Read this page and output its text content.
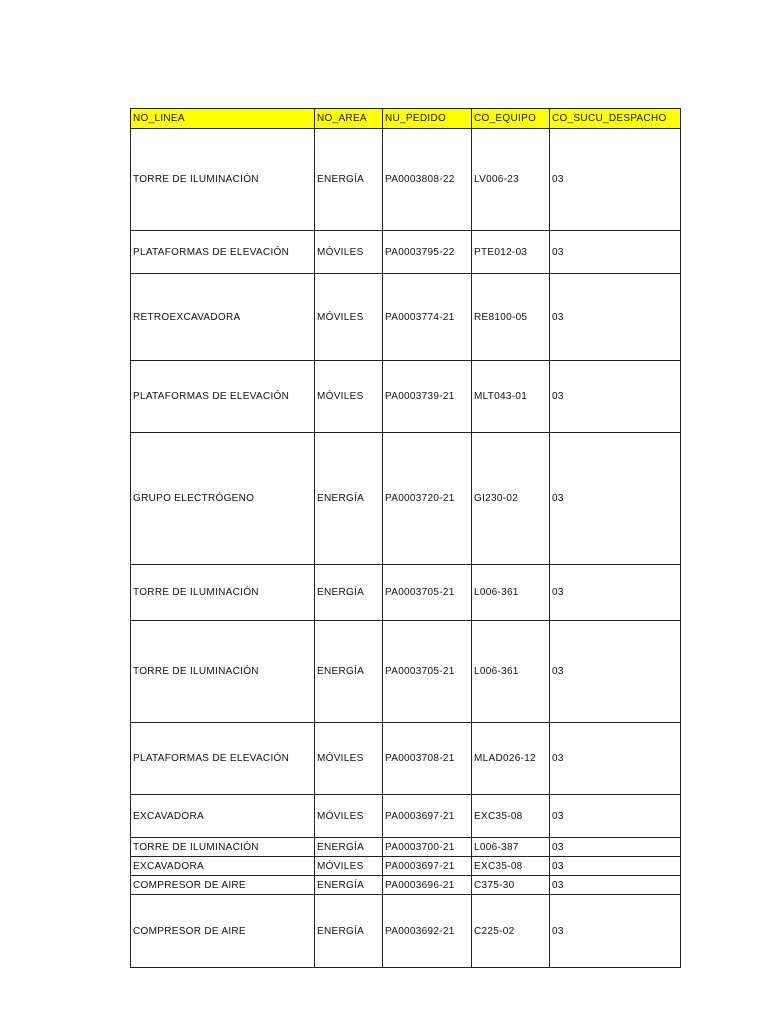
NO_LINEA	NO_AREA	NU_PEDIDO	CO_EQUIPO	CO_SUCU_DESPACHO
TORRE DE ILUMINACIÓN	ENERGÍA	PA0003808-22	LV006-23	03
PLATAFORMAS DE ELEVACIÓN	MÓVILES	PA0003795-22	PTE012-03	03
RETROEXCAVADORA	MÓVILES	PA0003774-21	RE8100-05	03
PLATAFORMAS DE ELEVACIÓN	MÓVILES	PA0003739-21	MLT043-01	03
GRUPO ELECTRÓGENO	ENERGÍA	PA0003720-21	GI230-02	03
TORRE DE ILUMINACIÓN	ENERGÍA	PA0003705-21	L006-361	03
TORRE DE ILUMINACIÓN	ENERGÍA	PA0003705-21	L006-361	03
PLATAFORMAS DE ELEVACIÓN	MÓVILES	PA0003708-21	MLAD026-12	03
EXCAVADORA	MÓVILES	PA0003697-21	EXC35-08	03
TORRE DE ILUMINACIÓN	ENERGÍA	PA0003700-21	L006-387	03
EXCAVADORA	MÓVILES	PA0003697-21	EXC35-08	03
COMPRESOR DE AIRE	ENERGÍA	PA0003696-21	C375-30	03
COMPRESOR DE AIRE	ENERGÍA	PA0003692-21	C225-02	03
